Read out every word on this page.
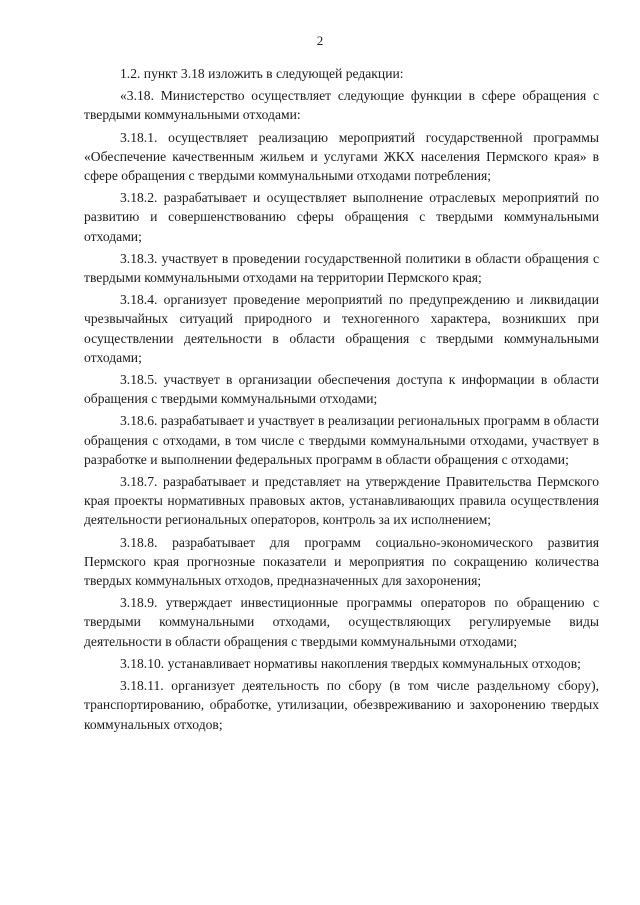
2

1.2. пункт 3.18 изложить в следующей редакции:

«3.18. Министерство осуществляет следующие функции в сфере обращения с твердыми коммунальными отходами:

3.18.1. осуществляет реализацию мероприятий государственной программы «Обеспечение качественным жильем и услугами ЖКХ населения Пермского края» в сфере обращения с твердыми коммунальными отходами потребления;

3.18.2. разрабатывает и осуществляет выполнение отраслевых мероприятий по развитию и совершенствованию сферы обращения с твердыми коммунальными отходами;

3.18.3. участвует в проведении государственной политики в области обращения с твердыми коммунальными отходами на территории Пермского края;

3.18.4. организует проведение мероприятий по предупреждению и ликвидации чрезвычайных ситуаций природного и техногенного характера, возникших при осуществлении деятельности в области обращения с твердыми коммунальными отходами;

3.18.5. участвует в организации обеспечения доступа к информации в области обращения с твердыми коммунальными отходами;

3.18.6. разрабатывает и участвует в реализации региональных программ в области обращения с отходами, в том числе с твердыми коммунальными отходами, участвует в разработке и выполнении федеральных программ в области обращения с отходами;

3.18.7. разрабатывает и представляет на утверждение Правительства Пермского края проекты нормативных правовых актов, устанавливающих правила осуществления деятельности региональных операторов, контроль за их исполнением;

3.18.8. разрабатывает для программ социально-экономического развития Пермского края прогнозные показатели и мероприятия по сокращению количества твердых коммунальных отходов, предназначенных для захоронения;

3.18.9. утверждает инвестиционные программы операторов по обращению с твердыми коммунальными отходами, осуществляющих регулируемые виды деятельности в области обращения с твердыми коммунальными отходами;

3.18.10. устанавливает нормативы накопления твердых коммунальных отходов;

3.18.11. организует деятельность по сбору (в том числе раздельному сбору), транспортированию, обработке, утилизации, обезвреживанию и захоронению твердых коммунальных отходов;
